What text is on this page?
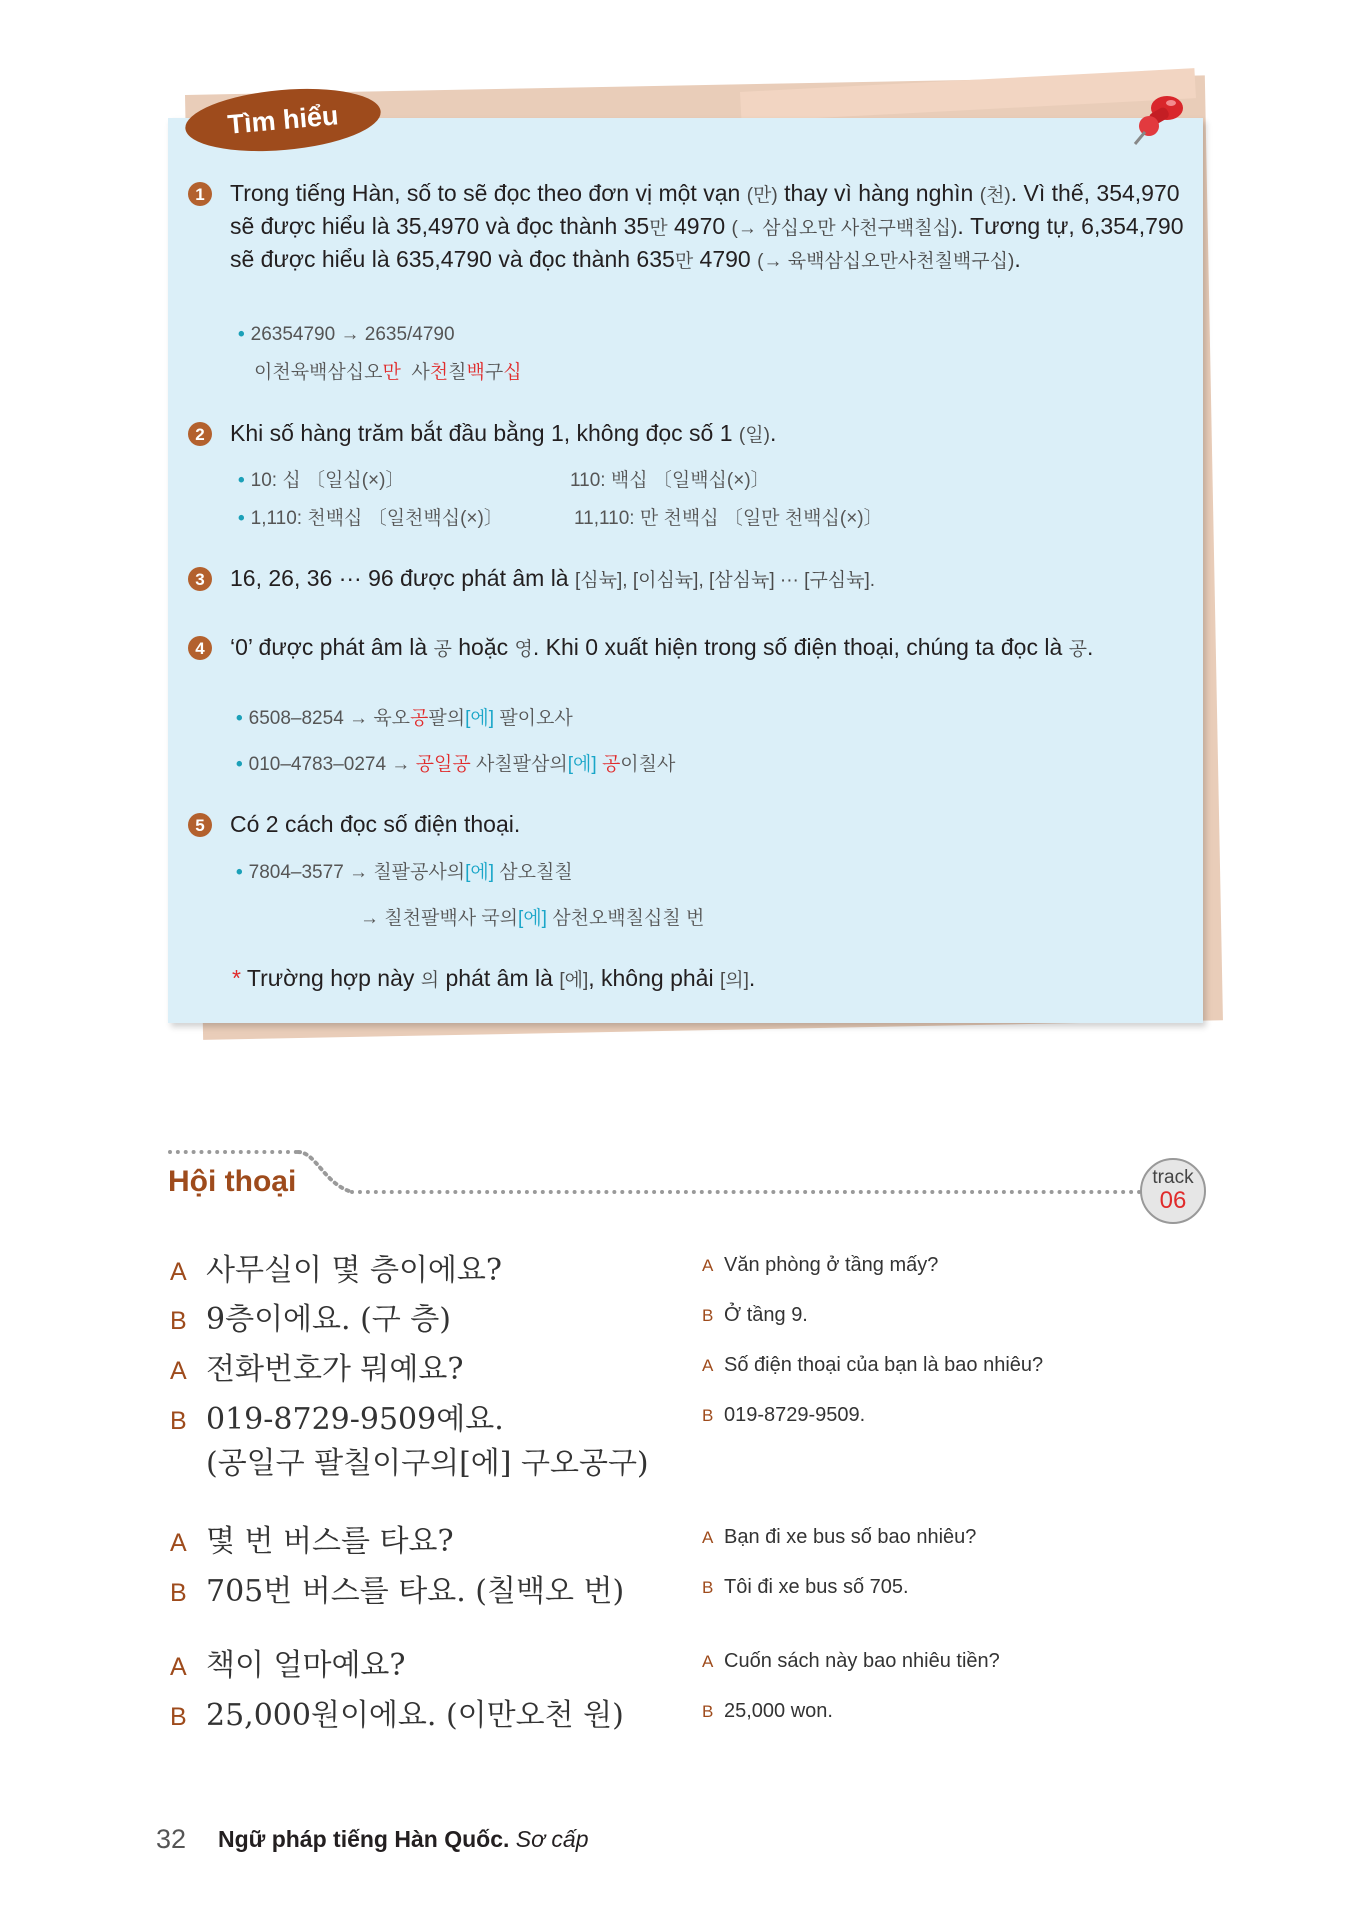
Tìm hiểu
1	Trong tiếng Hàn, số to sẽ đọc theo đơn vị một vạn (만) thay vì hàng nghìn (천). Vì thế, 354,970 sẽ được hiểu là 35,4970 và đọc thành 35만 4970 (→ 삼십오만 사천구백칠십). Tương tự, 6,354,790 sẽ được hiểu là 635,4790 và đọc thành 635만 4790 (→ 육백삼십오만사천칠백구십).
• 26354790 → 2635/4790
이천육백삼십오만  사천칠백구십
2	Khi số hàng trăm bắt đầu bằng 1, không đọc số 1 (일).
• 10: 십 〔일십(×)〕	110: 백십 〔일백십(×)〕
• 1,110: 천백십 〔일천백십(×)〕	11,110: 만 천백십 〔일만 천백십(×)〕
3	16, 26, 36 ··· 96 được phát âm là [심뉵], [이심뉵], [삼심뉵] ··· [구심뉵].
4	‘0’ được phát âm là 공 hoặc 영. Khi 0 xuất hiện trong số điện thoại, chúng ta đọc là 공.
• 6508–8254 → 육오공팔의[에] 팔이오사
• 010–4783–0274 → 공일공 사칠팔삼의[에] 공이칠사
5	Có 2 cách đọc số điện thoại.
• 7804–3577 → 칠팔공사의[에] 삼오칠칠
→ 칠천팔백사 국의[에] 삼천오백칠십칠 번
* Trường hợp này 의 phát âm là [에], không phải [의].
Hội thoại	track
06
A 사무실이 몇 층이에요?	A Văn phòng ở tầng mấy?
B 9층이에요. (구 층)	B Ở tầng 9.
A 전화번호가 뭐예요?	A Số điện thoại của bạn là bao nhiêu?
B 019-8729-9509예요.	B 019-8729-9509.
(공일구 팔칠이구의[에] 구오공구)
A 몇 번 버스를 타요?	A Bạn đi xe bus số bao nhiêu?
B 705번 버스를 타요. (칠백오 번)	B Tôi đi xe bus số 705.
A 책이 얼마예요?	A Cuốn sách này bao nhiêu tiền?
B 25,000원이에요. (이만오천 원)	B 25,000 won.
32 Ngữ pháp tiếng Hàn Quốc. Sơ cấp
